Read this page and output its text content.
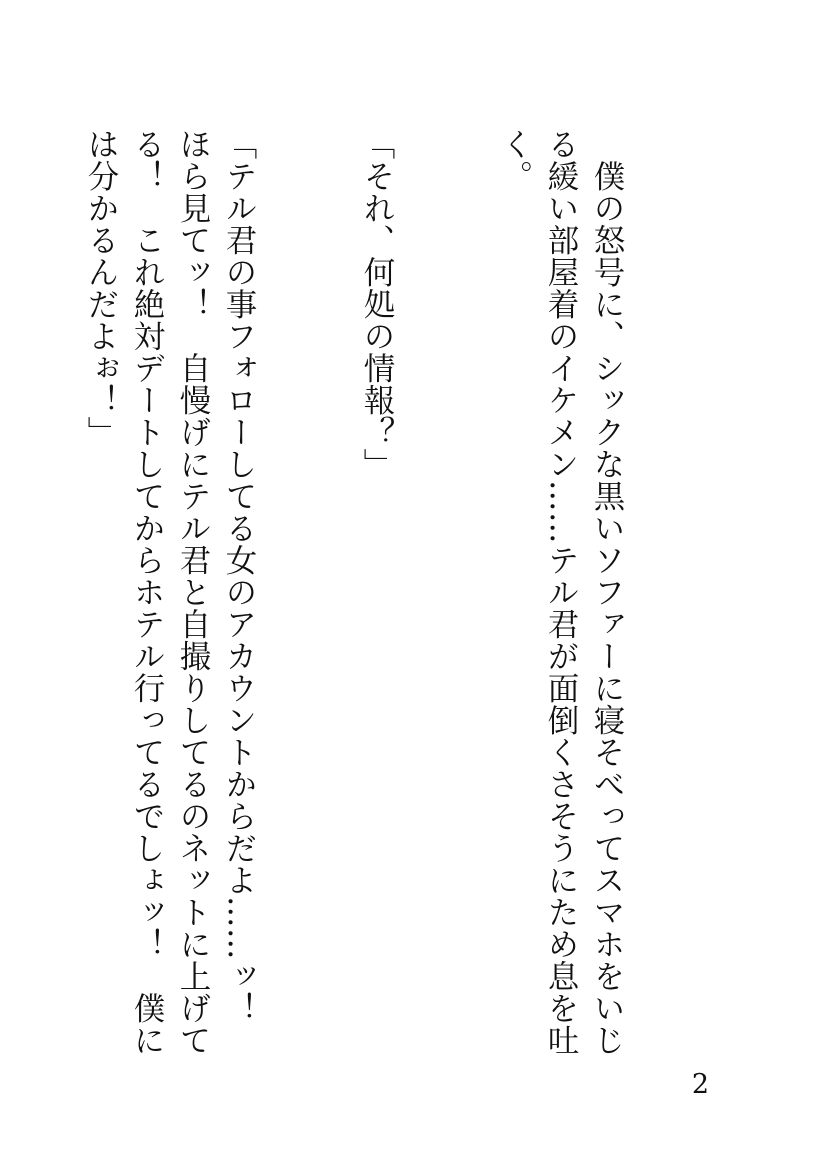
　僕の怒号に、シックな黒いソファーに寝そべってスマホをいじる緩い部屋着のイケメン……テル君が面倒くさそうにため息を吐く。

「それ、何処の情報？」

「テル君の事フォローしてる女のアカウントからだよ……ッ！　ほら見てッ！　自慢げにテル君と自撮りしてるのネットに上げてる！　これ絶対デートしてからホテル行ってるでしょッ！　僕には分かるんだよぉ！」

2
